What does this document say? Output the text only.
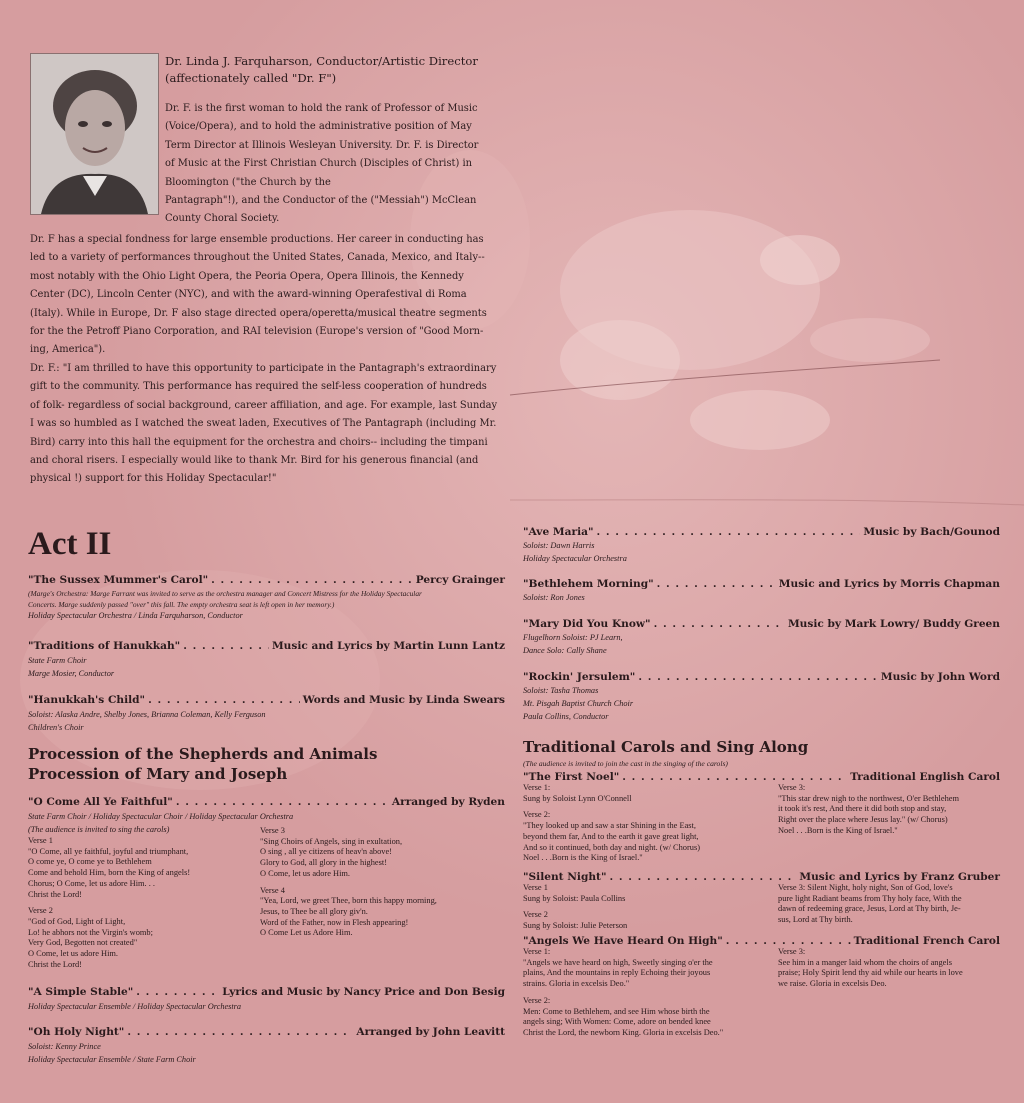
Dr. Linda J. Farquharson, Conductor/Artistic Director
(affectionately called "Dr. F")
Dr. F. is the first woman to hold the rank of Professor of Music
(Voice/Opera), and to hold the administrative position of May
Term Director at Illinois Wesleyan University. Dr. F. is Director
of Music at the First Christian Church (Disciples of Christ) in
Bloomington ("the Church by the
Pantagraph"!), and the Conductor of the ("Messiah") McClean
County Choral Society.
Dr. F has a special fondness for large ensemble productions. Her career in conducting has
led to a variety of performances throughout the United States, Canada, Mexico, and Italy--
most notably with the Ohio Light Opera, the Peoria Opera, Opera Illinois, the Kennedy
Center (DC), Lincoln Center (NYC), and with the award-winning Operafestival di Roma
(Italy). While in Europe, Dr. F also stage directed opera/operetta/musical theatre segments
for the the Petroff Piano Corporation, and RAI television (Europe's version of "Good Morn-
ing, America").
Dr. F.: "I am thrilled to have this opportunity to participate in the Pantagraph's extraordinary
gift to the community. This performance has required the self-less cooperation of hundreds
of folk- regardless of social background, career affiliation, and age. For example, last Sunday
I was so humbled as I watched the sweat laden, Executives of The Pantagraph (including Mr.
Bird) carry into this hall the equipment for the orchestra and choirs-- including the timpani
and choral risers. I especially would like to thank Mr. Bird for his generous financial (and
physical !) support for this Holiday Spectacular!"
Act II
"The Sussex Mummer's Carol" . . .	Percy Grainger
(Marge's Orchestra: Marge Farrant was invited to serve as the orchestra manager and Concert Mistress for the Holiday Spectacular
Concerts. Marge suddenly passed "over" this fall. The empty orchestra seat is left open in her memory.)
Holiday Spectacular Orchestra / Linda Farquharson, Conductor
"Traditions of Hanukkah" . . .	Music and Lyrics by Martin Lunn Lantz
State Farm Choir
Marge Mosier, Conductor
"Hanukkah's Child" . . .	Words and Music by Linda Swears
Soloist: Alaska Andre, Shelby Jones, Brianna Coleman, Kelly Ferguson
Children's Choir
Procession of the Shepherds and Animals
Procession of Mary and Joseph
"O Come All Ye Faithful" . . .	Arranged by Ryden
State Farm Choir / Holiday Spectacular Choir / Holiday Spectacular Orchestra
(The audience is invited to sing the carols)
Verse 1
"O Come, all ye faithful, joyful and triumphant,
O come ye, O come ye to Bethlehem
Come and behold Him, born the King of angels!
Chorus; O Come, let us adore Him. . .
Christ the Lord!
Verse 2
"God of God, Light of Light,
Lo! he abhors not the Virgin's womb;
Very God, Begotten not created"
O Come, let us adore Him.
Christ the Lord!
Verse 3
"Sing Choirs of Angels, sing in exultation,
O sing , all ye citizens of heav'n above!
Glory to God, all glory in the highest!
O Come, let us adore Him.
Verse 4
"Yea, Lord, we greet Thee, born this happy morning,
Jesus, to Thee be all glory giv'n.
Word of the Father, now in Flesh appearing!
O Come Let us Adore Him.
"A Simple Stable" . . .	Lyrics and Music by Nancy Price and Don Besig
Holiday Spectacular Ensemble / Holiday Spectacular Orchestra
"Oh Holy Night" . . .	Arranged by John Leavitt
Soloist: Kenny Prince
Holiday Spectacular Ensemble / State Farm Choir
"Ave Maria" . . .	Music by Bach/Gounod
Soloist: Dawn Harris
Holiday Spectacular Orchestra
"Bethlehem Morning" . . .	Music and Lyrics by Morris Chapman
Soloist: Ron Jones
"Mary Did You Know" . . .	Music by Mark Lowry/ Buddy Green
Flugelhorn Soloist: PJ Learn,
Dance Solo: Cally Shane
"Rockin' Jersulem" . . .	Music by John Word
Soloist: Tasha Thomas
Mt. Pisgah Baptist Church Choir
Paula Collins, Conductor
Traditional Carols and Sing Along
(The audience is invited to join the cast in the singing of the carols)
"The First Noel" . . .	Traditional English Carol
Verse 1:
Sung by Soloist Lynn O'Connell
Verse 2:
"They looked up and saw a star Shining in the East,
beyond them far, And to the earth it gave great light,
And so it continued, both day and night. (w/ Chorus)
Noel . . .Born is the King of Israel."
Verse 3:
"This star drew nigh to the northwest, O'er Bethlehem
it took it's rest, And there it did both stop and stay,
Right over the place where Jesus lay." (w/ Chorus)
Noel . . .Born is the King of Israel."
"Silent Night" . . .	Music and Lyrics by Franz Gruber
Verse 1
Sung by Soloist: Paula Collins
Verse 2
Sung by Soloist: Julie Peterson
Verse 3: Silent Night, holy night, Son of God, love's
pure light Radiant beams from Thy holy face, With the
dawn of redeeming grace, Jesus, Lord at Thy birth, Je-
sus, Lord at Thy birth.
"Angels We Have Heard On High" . . .	Traditional French Carol
Verse 1:
"Angels we have heard on high, Sweetly singing o'er the
plains, And the mountains in reply Echoing their joyous
strains. Gloria in excelsis Deo."
Verse 2:
Men: Come to Bethlehem, and see Him whose birth the
angels sing; With Women: Come, adore on bended knee
Christ the Lord, the newborn King. Gloria in excelsis Deo."
Verse 3:
See him in a manger laid whom the choirs of angels
praise; Holy Spirit lend thy aid while our hearts in love
we raise. Gloria in excelsis Deo.
